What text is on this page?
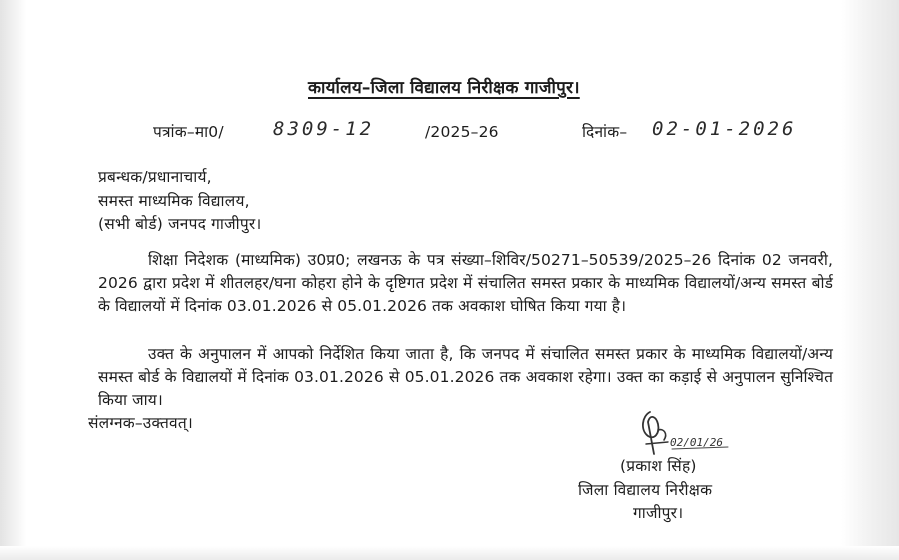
कार्यालय–जिला विद्यालय निरीक्षक गाजीपुर।
पत्रांक–मा0/	8309-12	/2025–26	दिनांक– 02-01-2026
प्रबन्धक/प्रधानाचार्य,
समस्त माध्यमिक विद्यालय,
(सभी बोर्ड) जनपद गाजीपुर।
शिक्षा निदेशक (माध्यमिक) उ0प्र0; लखनऊ के पत्र संख्या–शिविर/50271–50539/2025–26 दिनांक 02 जनवरी, 2026 द्वारा प्रदेश में शीतलहर/घना कोहरा होने के दृष्टिगत प्रदेश में संचालित समस्त प्रकार के माध्यमिक विद्यालयों/अन्य समस्त बोर्ड के विद्यालयों में दिनांक 03.01.2026 से 05.01.2026 तक अवकाश घोषित किया गया है।
उक्त के अनुपालन में आपको निर्देशित किया जाता है, कि जनपद में संचालित समस्त प्रकार के माध्यमिक विद्यालयों/अन्य समस्त बोर्ड के विद्यालयों में दिनांक 03.01.2026 से 05.01.2026 तक अवकाश रहेगा। उक्त का कड़ाई से अनुपालन सुनिश्चित किया जाय।
संलग्नक–उक्तवत्।
02/01/26
(प्रकाश सिंह)
जिला विद्यालय निरीक्षक
गाजीपुर।
